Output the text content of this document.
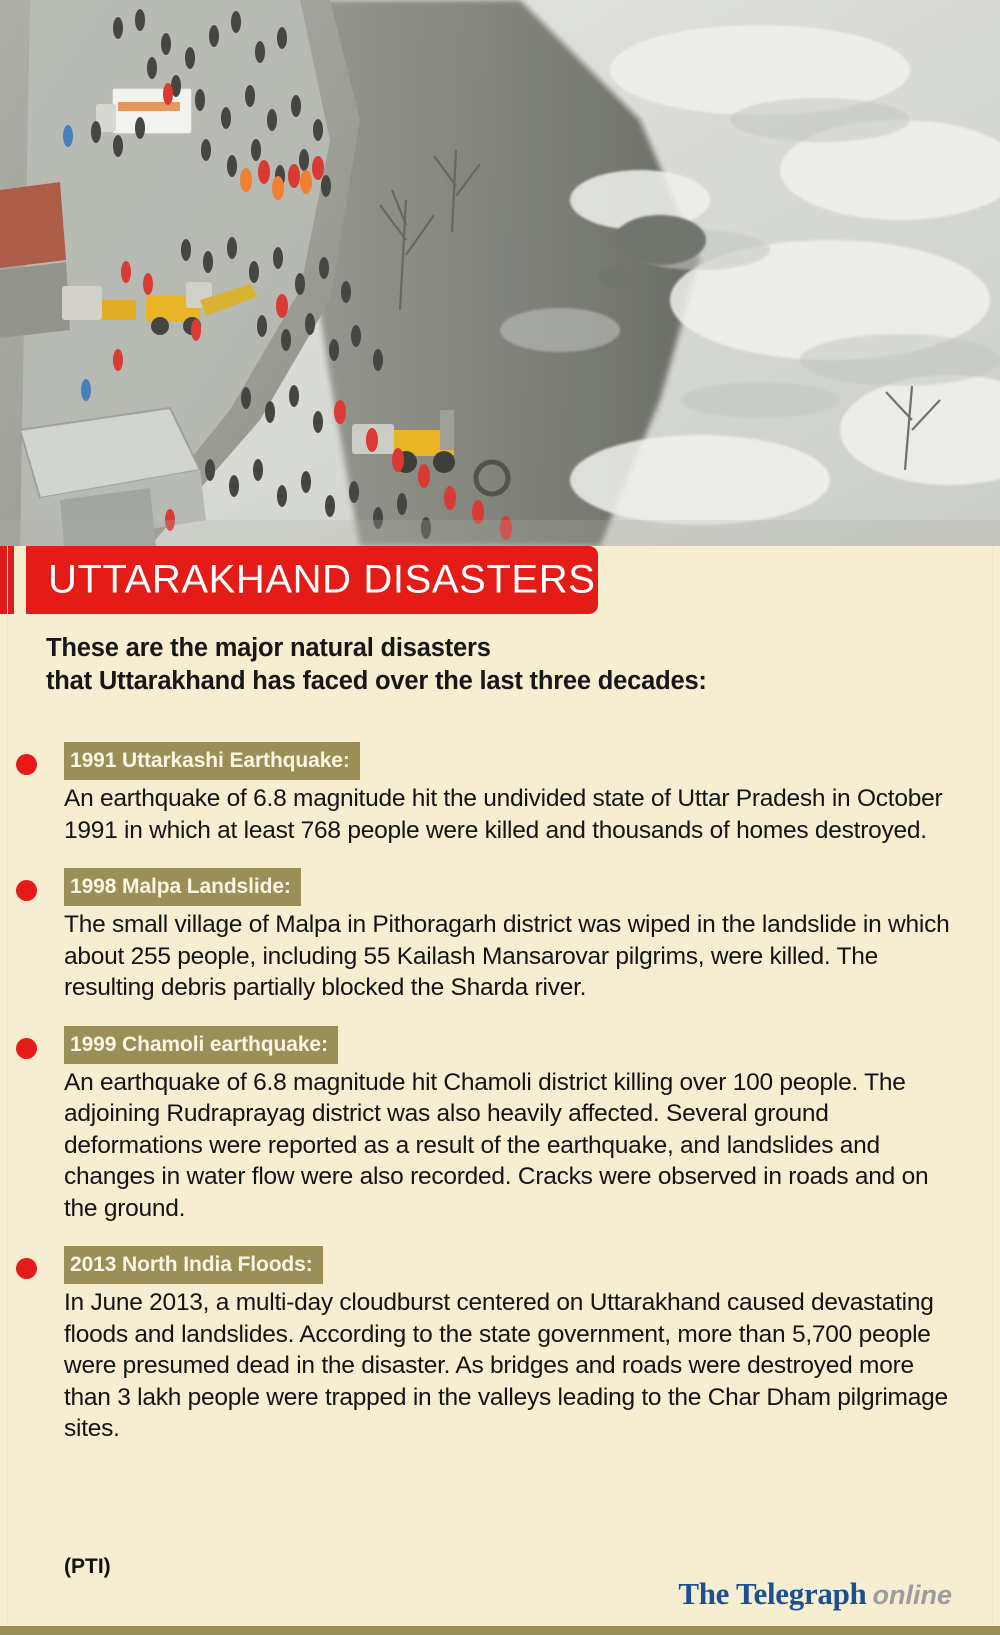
UTTARAKHAND DISASTERS
These are the major natural disasters
that Uttarakhand has faced over the last three decades:
1991 Uttarkashi Earthquake:
An earthquake of 6.8 magnitude hit the undivided state of Uttar Pradesh in October 1991 in which at least 768 people were killed and thousands of homes destroyed.
1998 Malpa Landslide:
The small village of Malpa in Pithoragarh district was wiped in the landslide in which about 255 people, including 55 Kailash Mansarovar pilgrims, were killed. The resulting debris partially blocked the Sharda river.
1999 Chamoli earthquake:
An earthquake of 6.8 magnitude hit Chamoli district killing over 100 people. The adjoining Rudraprayag district was also heavily affected. Several ground deformations were reported as a result of the earthquake, and landslides and changes in water flow were also recorded. Cracks were observed in roads and on the ground.
2013 North India Floods:
In June 2013, a multi-day cloudburst centered on Uttarakhand caused devastating floods and landslides. According to the state government, more than 5,700 people were presumed dead in the disaster. As bridges and roads were destroyed more than 3 lakh people were trapped in the valleys leading to the Char Dham pilgrimage sites.
(PTI)
The Telegraph online
